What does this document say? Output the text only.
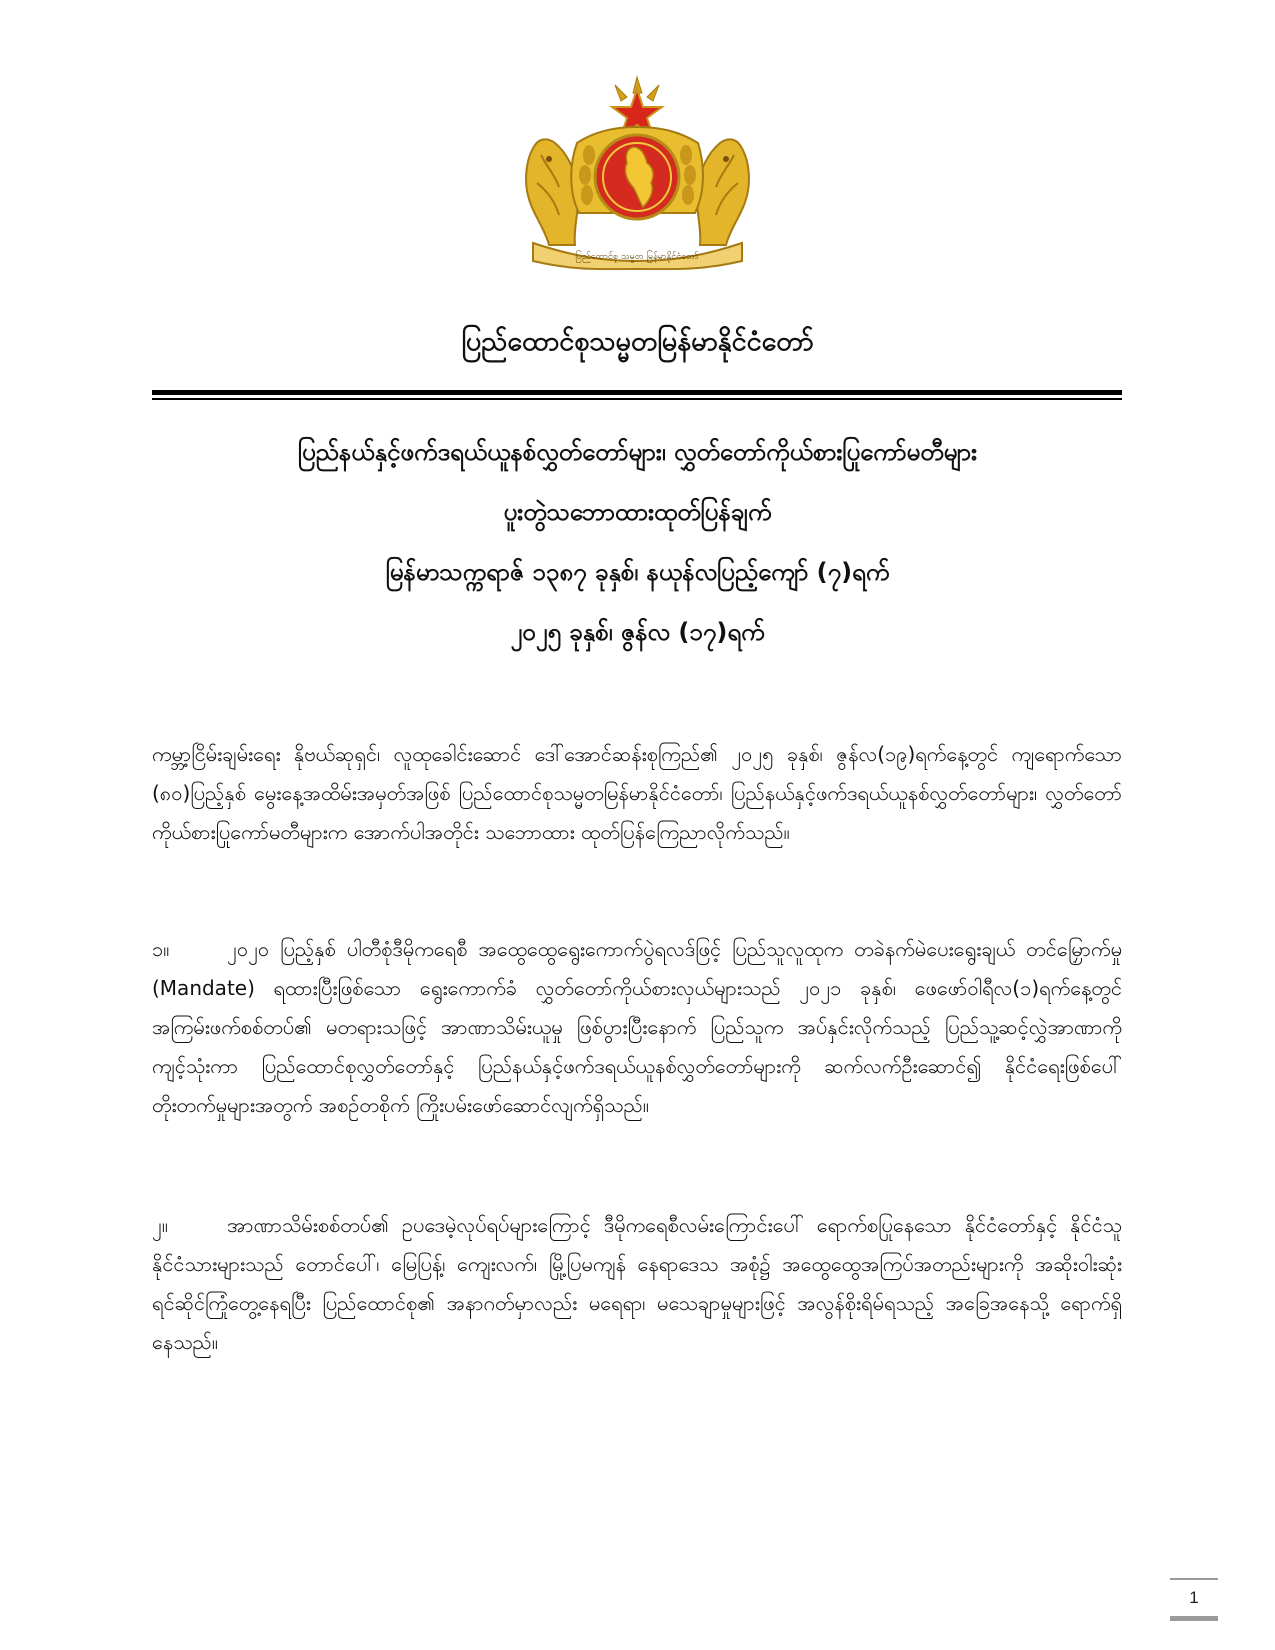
ပြည်ထောင်စု သမ္မတ မြန်မာနိုင်ငံတော်
ပြည်ထောင်စုသမ္မတမြန်မာနိုင်ငံတော်
ပြည်နယ်နှင့်ဖက်ဒရယ်ယူနစ်လွှတ်တော်များ၊ လွှတ်တော်ကိုယ်စားပြုကော်မတီများ
ပူးတွဲသဘောထားထုတ်ပြန်ချက်
မြန်မာသက္ကရာဇ် ၁၃၈၇ ခုနှစ်၊ နယုန်လပြည့်ကျော် (၇)ရက်
၂၀၂၅ ခုနှစ်၊ ဇွန်လ (၁၇)ရက်
ကမ္ဘာ့ငြိမ်းချမ်းရေး နိုဗယ်ဆုရှင်၊ လူထုခေါင်းဆောင် ဒေါ်အောင်ဆန်းစုကြည်၏ ၂၀၂၅ ခုနှစ်၊ ဇွန်လ(၁၉)ရက်နေ့တွင် ကျရောက်သော (၈၀)ပြည့်နှစ် မွေးနေ့အထိမ်းအမှတ်အဖြစ် ပြည်ထောင်စုသမ္မတမြန်မာနိုင်ငံတော်၊ ပြည်နယ်နှင့်ဖက်ဒရယ်ယူနစ်လွှတ်တော်များ၊ လွှတ်တော်ကိုယ်စားပြုကော်မတီများက အောက်ပါအတိုင်း သဘောထား ထုတ်ပြန်ကြေညာလိုက်သည်။
၁။	၂၀၂၀ ပြည့်နှစ် ပါတီစုံဒီမိုကရေစီ အထွေထွေရွေးကောက်ပွဲရလဒ်ဖြင့် ပြည်သူလူထုက တခဲနက်မဲပေးရွေးချယ် တင်မြှောက်မှု (Mandate) ရထားပြီးဖြစ်သော ရွေးကောက်ခံ လွှတ်တော်ကိုယ်စားလှယ်များသည် ၂၀၂၁ ခုနှစ်၊ ဖေဖော်ဝါရီလ(၁)ရက်နေ့တွင် အကြမ်းဖက်စစ်တပ်၏ မတရားသဖြင့် အာဏာသိမ်းယူမှု ဖြစ်ပွားပြီးနောက် ပြည်သူက အပ်နှင်းလိုက်သည့် ပြည်သူ့ဆင့်လွှဲအာဏာကို ကျင့်သုံးကာ ပြည်ထောင်စုလွှတ်တော်နှင့် ပြည်နယ်နှင့်ဖက်ဒရယ်ယူနစ်လွှတ်တော်များကို ဆက်လက်ဦးဆောင်၍ နိုင်ငံရေးဖြစ်ပေါ် တိုးတက်မှုများအတွက် အစဉ်တစိုက် ကြိုးပမ်းဖော်ဆောင်လျက်ရှိသည်။
၂။	အာဏာသိမ်းစစ်တပ်၏ ဥပဒေမဲ့လုပ်ရပ်များကြောင့် ဒီမိုကရေစီလမ်းကြောင်းပေါ် ရောက်စပြုနေသော နိုင်ငံတော်နှင့် နိုင်ငံသူ နိုင်ငံသားများသည် တောင်ပေါ်၊ မြေပြန့်၊ ကျေးလက်၊ မြို့ပြမကျန် နေရာဒေသ အစုံ၌ အထွေထွေအကြပ်အတည်းများကို အဆိုးဝါးဆုံး ရင်ဆိုင်ကြုံတွေ့နေရပြီး ပြည်ထောင်စု၏ အနာဂတ်မှာလည်း မရေရာ၊ မသေချာမှုများဖြင့် အလွန်စိုးရိမ်ရသည့် အခြေအနေသို့ ရောက်ရှိနေသည်။
1
